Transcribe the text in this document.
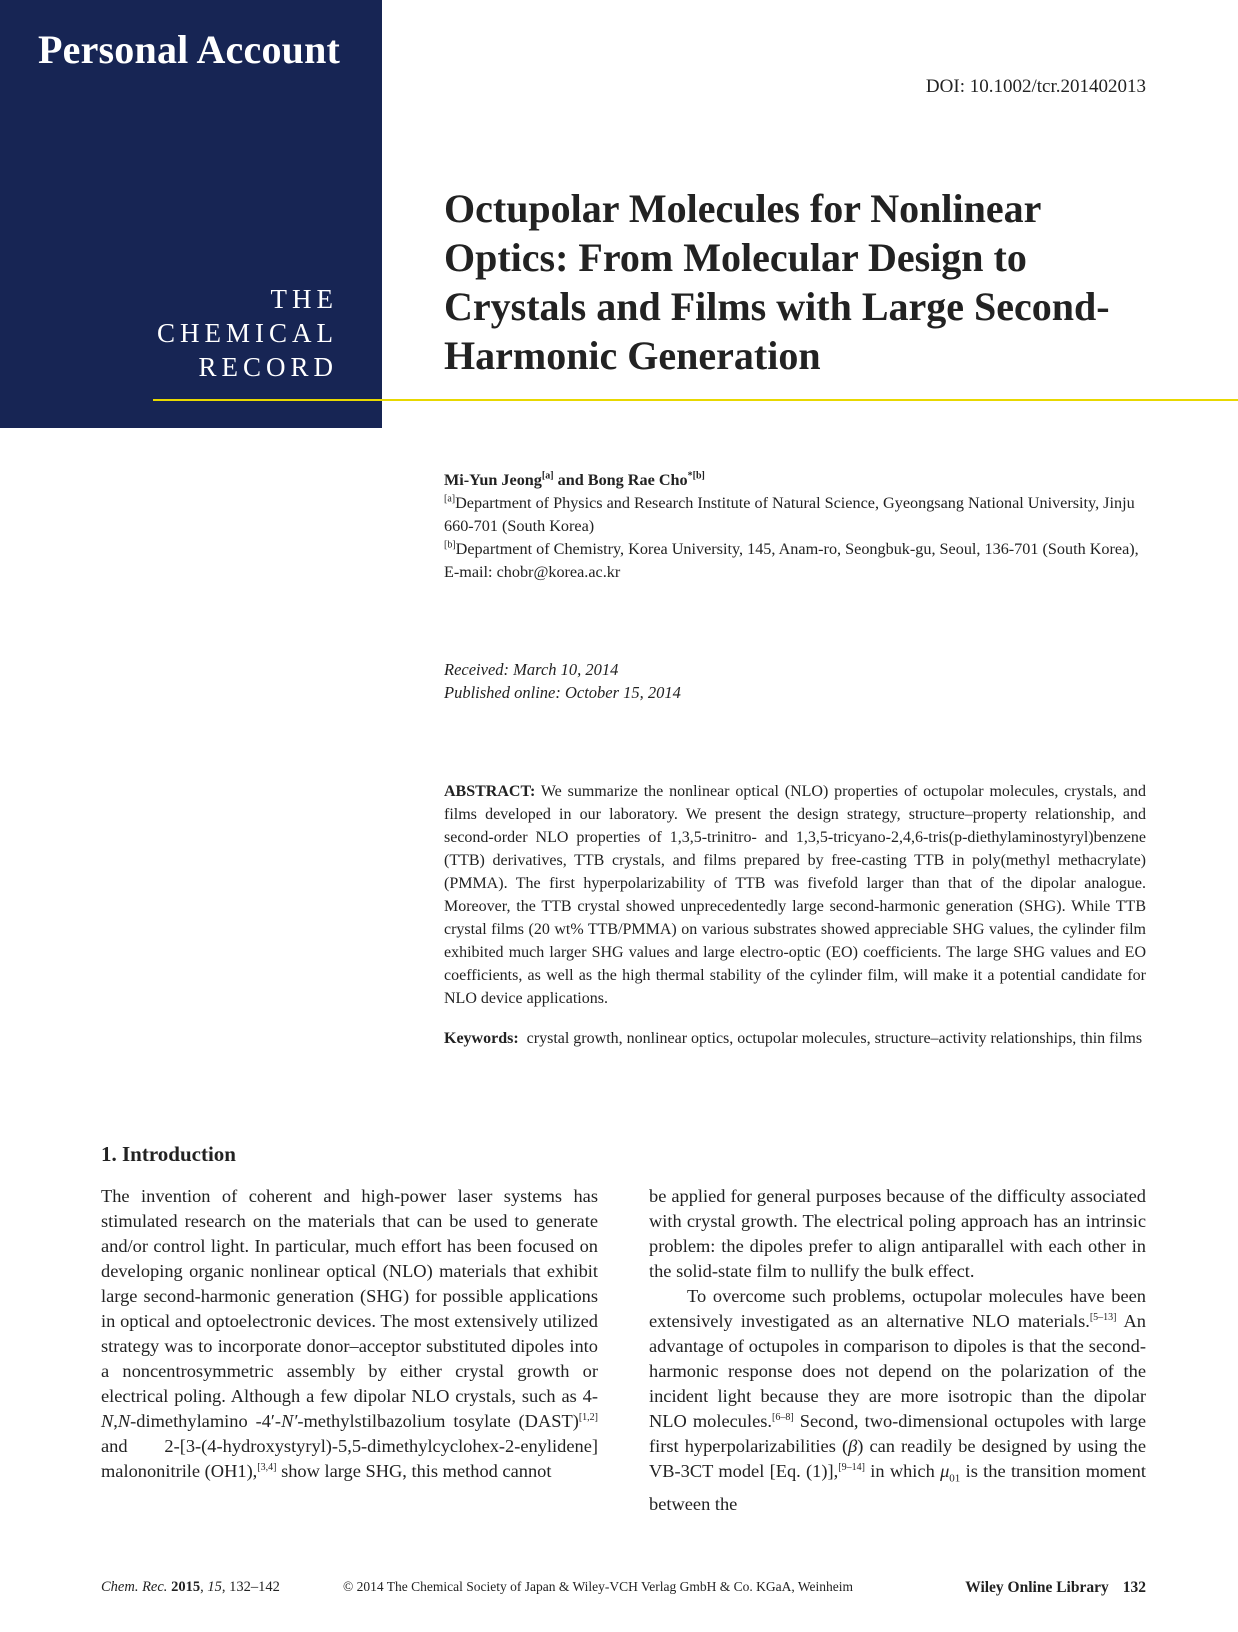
Personal Account
THE
CHEMICAL
RECORD
DOI: 10.1002/tcr.201402013
Octupolar Molecules for Nonlinear Optics: From Molecular Design to Crystals and Films with Large Second-Harmonic Generation
Mi-Yun Jeong[a] and Bong Rae Cho$^{*[b]}$
[a]Department of Physics and Research Institute of Natural Science, Gyeongsang National University, Jinju 660-701 (South Korea)
[b]Department of Chemistry, Korea University, 145, Anam-ro, Seongbuk-gu, Seoul, 136-701 (South Korea),
E-mail: chobr@korea.ac.kr
Received: March 10, 2014
Published online: October 15, 2014
ABSTRACT: We summarize the nonlinear optical (NLO) properties of octupolar molecules, crystals, and films developed in our laboratory. We present the design strategy, structure–property relationship, and second-order NLO properties of 1,3,5-trinitro- and 1,3,5-tricyano-2,4,6-tris(p-diethylaminostyryl)benzene (TTB) derivatives, TTB crystals, and films prepared by free-casting TTB in poly(methyl methacrylate) (PMMA). The first hyperpolarizability of TTB was fivefold larger than that of the dipolar analogue. Moreover, the TTB crystal showed unprecedentedly large second-harmonic generation (SHG). While TTB crystal films (20 wt% TTB/PMMA) on various substrates showed appreciable SHG values, the cylinder film exhibited much larger SHG values and large electro-optic (EO) coefficients. The large SHG values and EO coefficients, as well as the high thermal stability of the cylinder film, will make it a potential candidate for NLO device applications.
Keywords: crystal growth, nonlinear optics, octupolar molecules, structure–activity relationships, thin films
1. Introduction

The invention of coherent and high-power laser systems has stimulated research on the materials that can be used to generate and/or control light. In particular, much effort has been focused on developing organic nonlinear optical (NLO) materials that exhibit large second-harmonic generation (SHG) for possible applications in optical and optoelectronic devices. The most extensively utilized strategy was to incorporate donor–acceptor substituted dipoles into a noncentrosymmetric assembly by either crystal growth or electrical poling. Although a few dipolar NLO crystals, such as 4-N,N-dimethylamino -4′-N′-methylstilbazolium tosylate (DAST)[1,2] and 2-[3-(4-hydroxystyryl)-5,5-dimethylcyclohex-2-enylidene] malononitrile (OH1),[3,4] show large SHG, this method cannot

be applied for general purposes because of the difficulty associated with crystal growth. The electrical poling approach has an intrinsic problem: the dipoles prefer to align antiparallel with each other in the solid-state film to nullify the bulk effect.

To overcome such problems, octupolar molecules have been extensively investigated as an alternative NLO materials.[5–13] An advantage of octupoles in comparison to dipoles is that the second-harmonic response does not depend on the polarization of the incident light because they are more isotropic than the dipolar NLO molecules.[6–8] Second, two-dimensional octupoles with large first hyperpolarizabilities (β) can readily be designed by using the VB-3CT model [Eq. (1)],[9–14] in which $\mu_{01}$ is the transition moment between the

Chem. Rec. 2015, 15, 132–142	© 2014 The Chemical Society of Japan & Wiley-VCH Verlag GmbH & Co. KGaA, Weinheim	Wiley Online Library 132
